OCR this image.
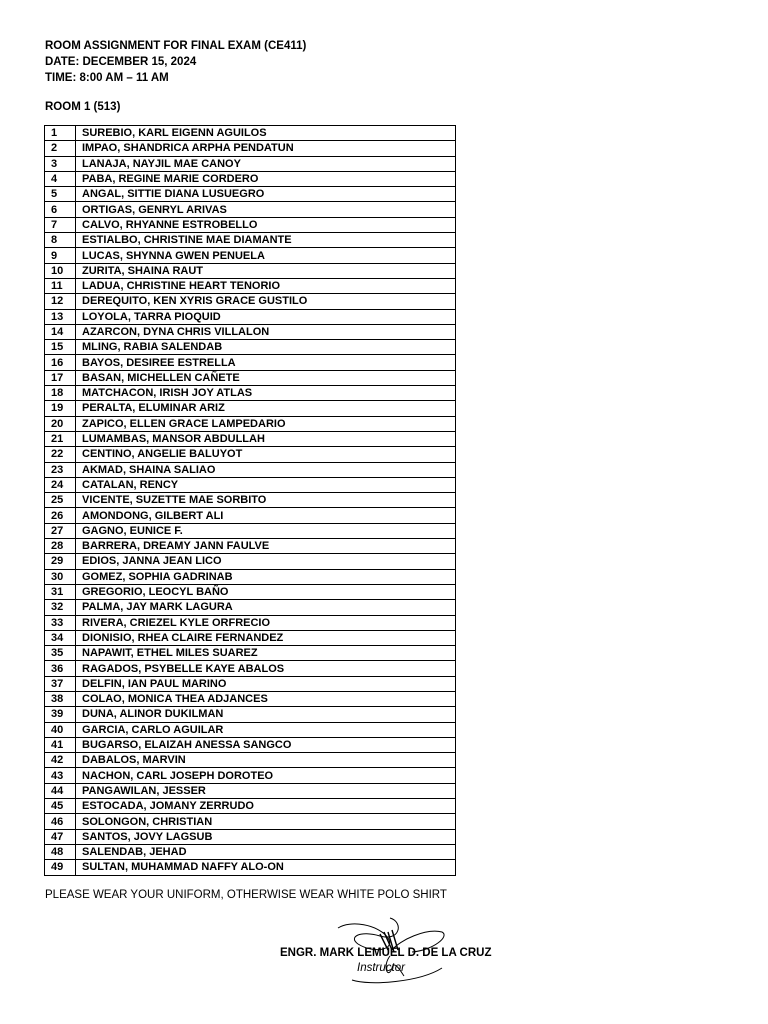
ROOM ASSIGNMENT FOR FINAL EXAM (CE411)
DATE: DECEMBER 15, 2024
TIME: 8:00 AM – 11 AM
ROOM 1 (513)
1	SUREBIO, KARL EIGENN AGUILOS
2	IMPAO, SHANDRICA ARPHA PENDATUN
3	LANAJA, NAYJIL MAE CANOY
4	PABA, REGINE MARIE CORDERO
5	ANGAL, SITTIE DIANA LUSUEGRO
6	ORTIGAS, GENRYL ARIVAS
7	CALVO, RHYANNE ESTROBELLO
8	ESTIALBO, CHRISTINE MAE DIAMANTE
9	LUCAS, SHYNNA GWEN PENUELA
10	ZURITA, SHAINA RAUT
11	LADUA, CHRISTINE HEART TENORIO
12	DEREQUITO, KEN XYRIS GRACE GUSTILO
13	LOYOLA, TARRA PIOQUID
14	AZARCON, DYNA CHRIS VILLALON
15	MLING, RABIA SALENDAB
16	BAYOS, DESIREE ESTRELLA
17	BASAN, MICHELLEN CAÑETE
18	MATCHACON, IRISH JOY ATLAS
19	PERALTA, ELUMINAR ARIZ
20	ZAPICO, ELLEN GRACE LAMPEDARIO
21	LUMAMBAS, MANSOR ABDULLAH
22	CENTINO, ANGELIE BALUYOT
23	AKMAD, SHAINA SALIAO
24	CATALAN, RENCY
25	VICENTE, SUZETTE MAE SORBITO
26	AMONDONG, GILBERT ALI
27	GAGNO, EUNICE F.
28	BARRERA, DREAMY JANN FAULVE
29	EDIOS, JANNA JEAN LICO
30	GOMEZ, SOPHIA GADRINAB
31	GREGORIO, LEOCYL BAÑO
32	PALMA, JAY MARK LAGURA
33	RIVERA, CRIEZEL KYLE ORFRECIO
34	DIONISIO, RHEA CLAIRE FERNANDEZ
35	NAPAWIT, ETHEL MILES SUAREZ
36	RAGADOS, PSYBELLE KAYE ABALOS
37	DELFIN, IAN PAUL MARINO
38	COLAO, MONICA THEA ADJANCES
39	DUNA, ALINOR DUKILMAN
40	GARCIA, CARLO AGUILAR
41	BUGARSO, ELAIZAH ANESSA SANGCO
42	DABALOS, MARVIN
43	NACHON, CARL JOSEPH DOROTEO
44	PANGAWILAN, JESSER
45	ESTOCADA, JOMANY ZERRUDO
46	SOLONGON, CHRISTIAN
47	SANTOS, JOVY LAGSUB
48	SALENDAB, JEHAD
49	SULTAN, MUHAMMAD NAFFY ALO-ON
PLEASE WEAR YOUR UNIFORM, OTHERWISE WEAR WHITE POLO SHIRT
ENGR. MARK LEMUEL D. DE LA CRUZ
Instructor
